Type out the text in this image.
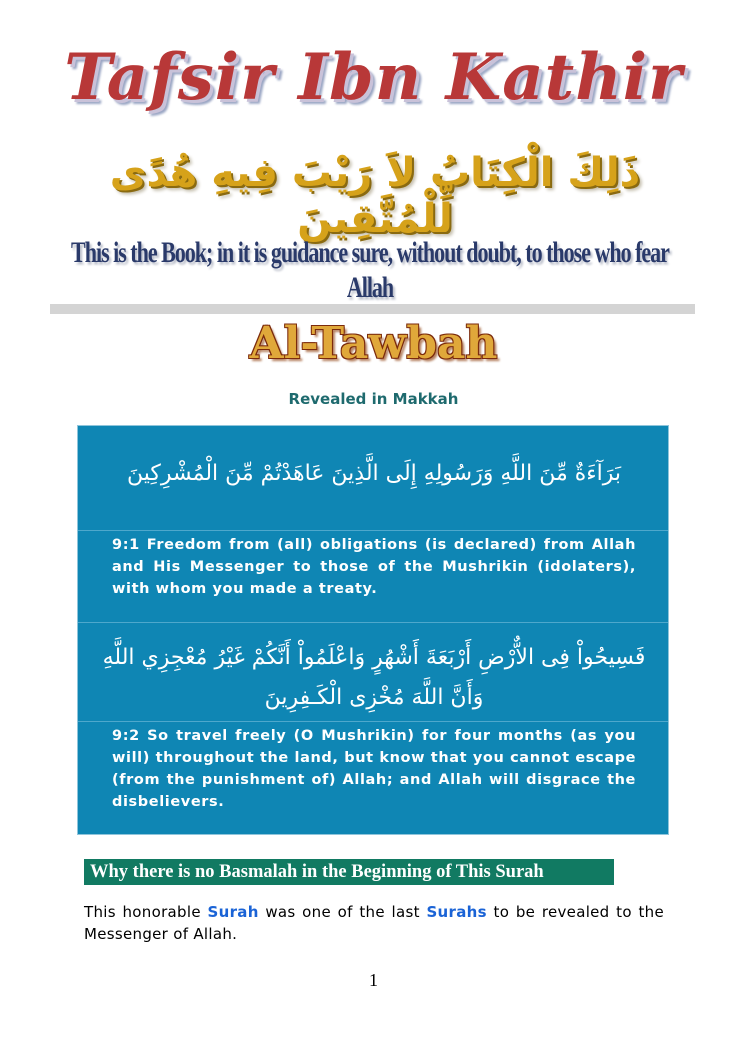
Tafsir Ibn Kathir
ذَلِكَ الْكِتَابُ لاَ رَيْبَ فِيهِ هُدًى لِّلْمُتَّقِينَ
This is the Book; in it is guidance sure, without doubt, to those who fear Allah
Al-Tawbah
Revealed in Makkah
بَرَآءَةٌ مِّنَ اللَّهِ وَرَسُولِهِ إِلَى الَّذِينَ عَاهَدْتُمْ مِّنَ الْمُشْرِكِينَ
9:1 Freedom from (all) obligations (is declared) from Allah and His Messenger to those of the Mushrikin (idolaters), with whom you made a treaty.
فَسِيحُواْ فِى الاٌّرْضِ أَرْبَعَةَ أَشْهُرٍ وَاعْلَمُواْ أَنَّكُمْ غَيْرُ مُعْجِزِي اللَّهِ وَأَنَّ اللَّهَ مُخْزِى الْكَـفِرِينَ
9:2 So travel freely (O Mushrikin) for four months (as you will) throughout the land, but know that you cannot escape (from the punishment of) Allah; and Allah will disgrace the disbelievers.
Why there is no Basmalah in the Beginning of This Surah
This honorable Surah was one of the last Surahs to be revealed to the Messenger of Allah.
1
